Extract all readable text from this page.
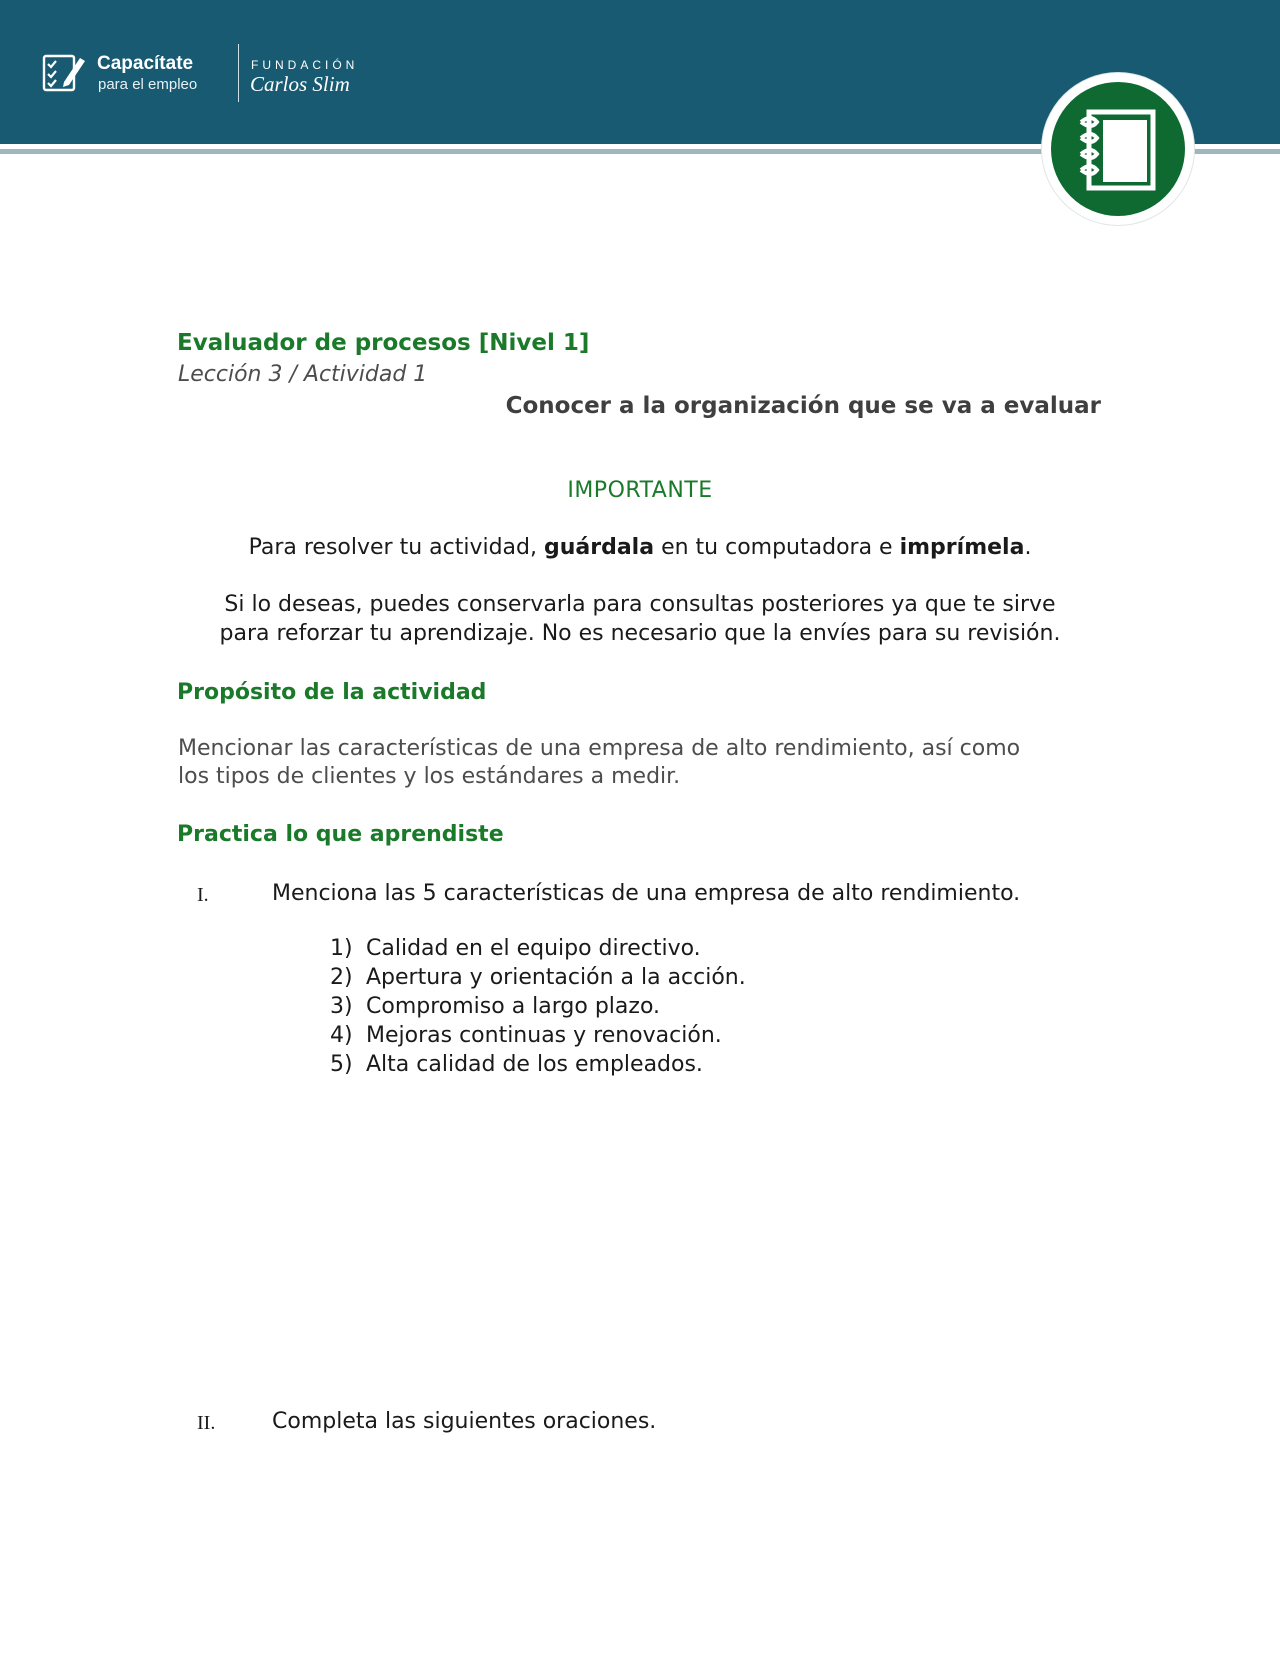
Capacítate
para el empleo
FUNDACIÓN
Carlos Slim
Evaluador de procesos [Nivel 1]

Lección 3 / Actividad 1

Conocer a la organización que se va a evaluar

IMPORTANTE

Para resolver tu actividad, guárdala en tu computadora e imprímela.

Si lo deseas, puedes conservarla para consultas posteriores ya que te sirve

para reforzar tu aprendizaje. No es necesario que la envíes para su revisión.

Propósito de la actividad

Mencionar las características de una empresa de alto rendimiento, así como

los tipos de clientes y los estándares a medir.

Practica lo que aprendiste

I.	Menciona las 5 características de una empresa de alto rendimiento.

1) Calidad en el equipo directivo.
2) Apertura y orientación a la acción.
3) Compromiso a largo plazo.
4) Mejoras continuas y renovación.
5) Alta calidad de los empleados.

II.	Completa las siguientes oraciones.
